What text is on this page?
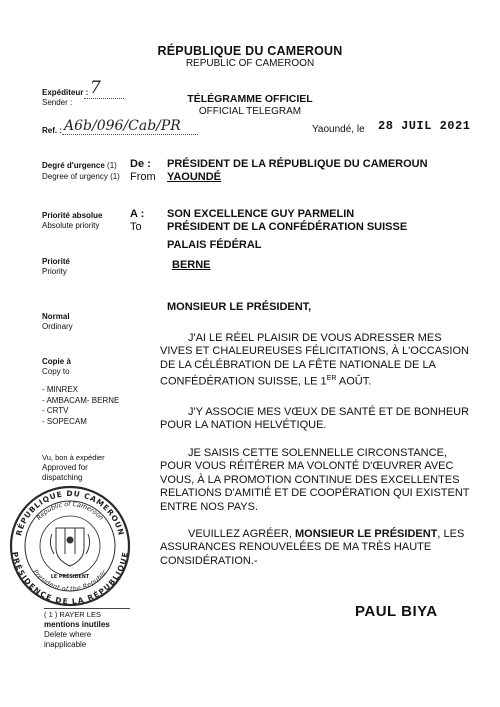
RÉPUBLIQUE DU CAMEROUN
REPUBLIC OF CAMEROON
TÉLÉGRAMME OFFICIEL
OFFICIAL TELEGRAM
Expéditeur :
Sender :
7
Ref. : A6b/096/Cab/PR	Yaoundé, le 28 JUIL 2021
Degré d'urgence (1)
Degree of urgency (1)
De :
From
PRÉSIDENT DE LA RÉPUBLIQUE DU CAMEROUN
YAOUNDÉ
Priorité absolue
Absolute priority
A :
To
SON EXCELLENCE GUY PARMELIN
PRÉSIDENT DE LA CONFÉDÉRATION SUISSE
PALAIS FÉDÉRAL
BERNE
Priorité
Priority
Normal
Ordinary
Copie à
Copy to
- MINREX
- AMBACAM- BERNE
- CRTV
- SOPECAM
Vu, bon à expédier
Approved for
dispatching
RÉPUBLIQUE DU CAMEROUN
PRÉSIDENCE DE LA RÉPUBLIQUE
Republic of Cameroon
President of the Republic
LE PRÉSIDENT
( 1 ) RAYER LES
mentions inutiles
Delete where
inapplicable
MONSIEUR LE PRÉSIDENT,
J'AI LE RÉEL PLAISIR DE VOUS ADRESSER MES
VIVES ET CHALEUREUSES FÉLICITATIONS, À L'OCCASION
DE LA CÉLÉBRATION DE LA FÊTE NATIONALE DE LA
CONFÉDÉRATION SUISSE, LE 1ER AOÛT.
J'Y ASSOCIE MES VŒUX DE SANTÉ ET DE BONHEUR
POUR LA NATION HELVÉTIQUE.
JE SAISIS CETTE SOLENNELLE CIRCONSTANCE,
POUR VOUS RÉITÉRER MA VOLONTÉ D'ŒUVRER AVEC
VOUS, À LA PROMOTION CONTINUE DES EXCELLENTES
RELATIONS D'AMITIÉ ET DE COOPÉRATION QUI EXISTENT
ENTRE NOS PAYS.
VEUILLEZ AGRÉER, MONSIEUR LE PRÉSIDENT, LES
ASSURANCES RENOUVELÉES DE MA TRÈS HAUTE
CONSIDÉRATION.-
PAUL BIYA
